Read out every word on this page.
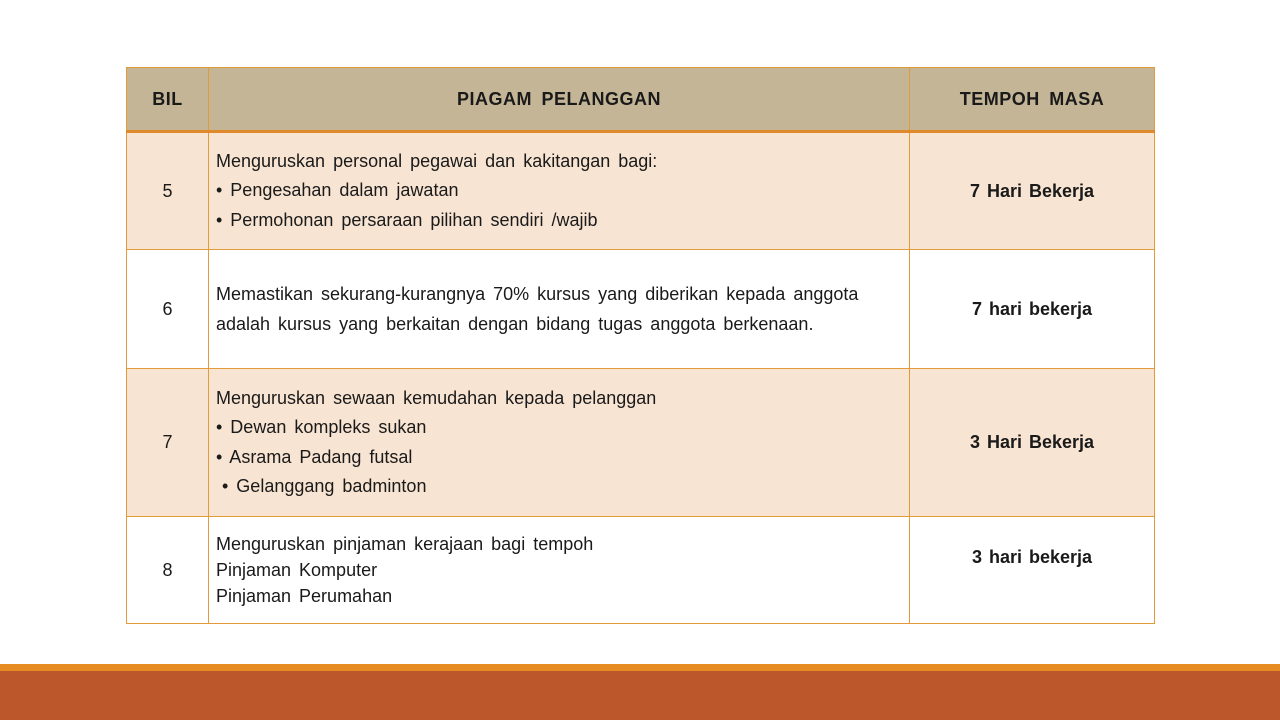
BIL	PIAGAM PELANGGAN	TEMPOH MASA
5	Menguruskan personal pegawai dan kakitangan bagi:
• Pengesahan dalam jawatan
• Permohonan persaraan pilihan sendiri /wajib	7 Hari Bekerja
6	Memastikan sekurang-kurangnya 70% kursus yang diberikan kepada anggota adalah kursus yang berkaitan dengan bidang tugas anggota berkenaan.	7 hari bekerja
7	Menguruskan sewaan kemudahan kepada pelanggan
• Dewan kompleks sukan
• Asrama Padang futsal
• Gelanggang badminton	3 Hari Bekerja
8	Menguruskan pinjaman kerajaan bagi tempoh
Pinjaman Komputer
Pinjaman Perumahan	3 hari bekerja
